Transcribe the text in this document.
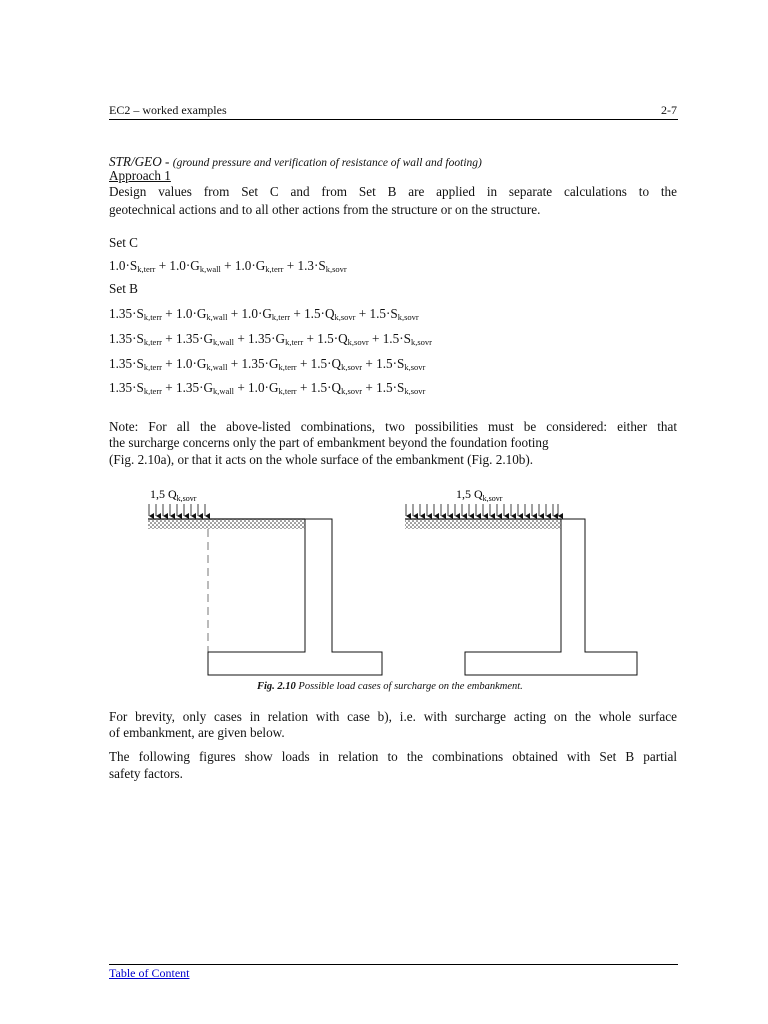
EC2 – worked examples	2-7
STR/GEO - (ground pressure and verification of resistance of wall and footing)
Approach 1
Design values from Set C and from Set B are applied in separate calculations to the
geotechnical actions and to all other actions from the structure or on the structure.
Set C
$1.0\cdot S_{k,terr} + 1.0\cdot G_{k,wall} + 1.0\cdot G_{k,terr} + 1.3\cdot S_{k,sovr}$
Set B
$1.35\cdot S_{k,terr} + 1.0\cdot G_{k,wall} + 1.0\cdot G_{k,terr} + 1.5\cdot Q_{k,sovr} + 1.5\cdot S_{k,sovr}$
$1.35\cdot S_{k,terr} + 1.35\cdot G_{k,wall} + 1.35\cdot G_{k,terr} + 1.5\cdot Q_{k,sovr} + 1.5\cdot S_{k,sovr}$
$1.35\cdot S_{k,terr} + 1.0\cdot G_{k,wall} + 1.35\cdot G_{k,terr} + 1.5\cdot Q_{k,sovr} + 1.5\cdot S_{k,sovr}$
$1.35\cdot S_{k,terr} + 1.35\cdot G_{k,wall} + 1.0\cdot G_{k,terr} + 1.5\cdot Q_{k,sovr} + 1.5\cdot S_{k,sovr}$
Note: For all the above-listed combinations, two possibilities must be considered: either that
the surcharge concerns only the part of embankment beyond the foundation footing
(Fig. 2.10a), or that it acts on the whole surface of the embankment (Fig. 2.10b).
1,5 $Q_{k,sovr}$	1,5 $Q_{k,sovr}$
Fig. 2.10 Possible load cases of surcharge on the embankment.
For brevity, only cases in relation with case b), i.e. with surcharge acting on the whole surface
of embankment, are given below.
The following figures show loads in relation to the combinations obtained with Set B partial
safety factors.
Table of Content
